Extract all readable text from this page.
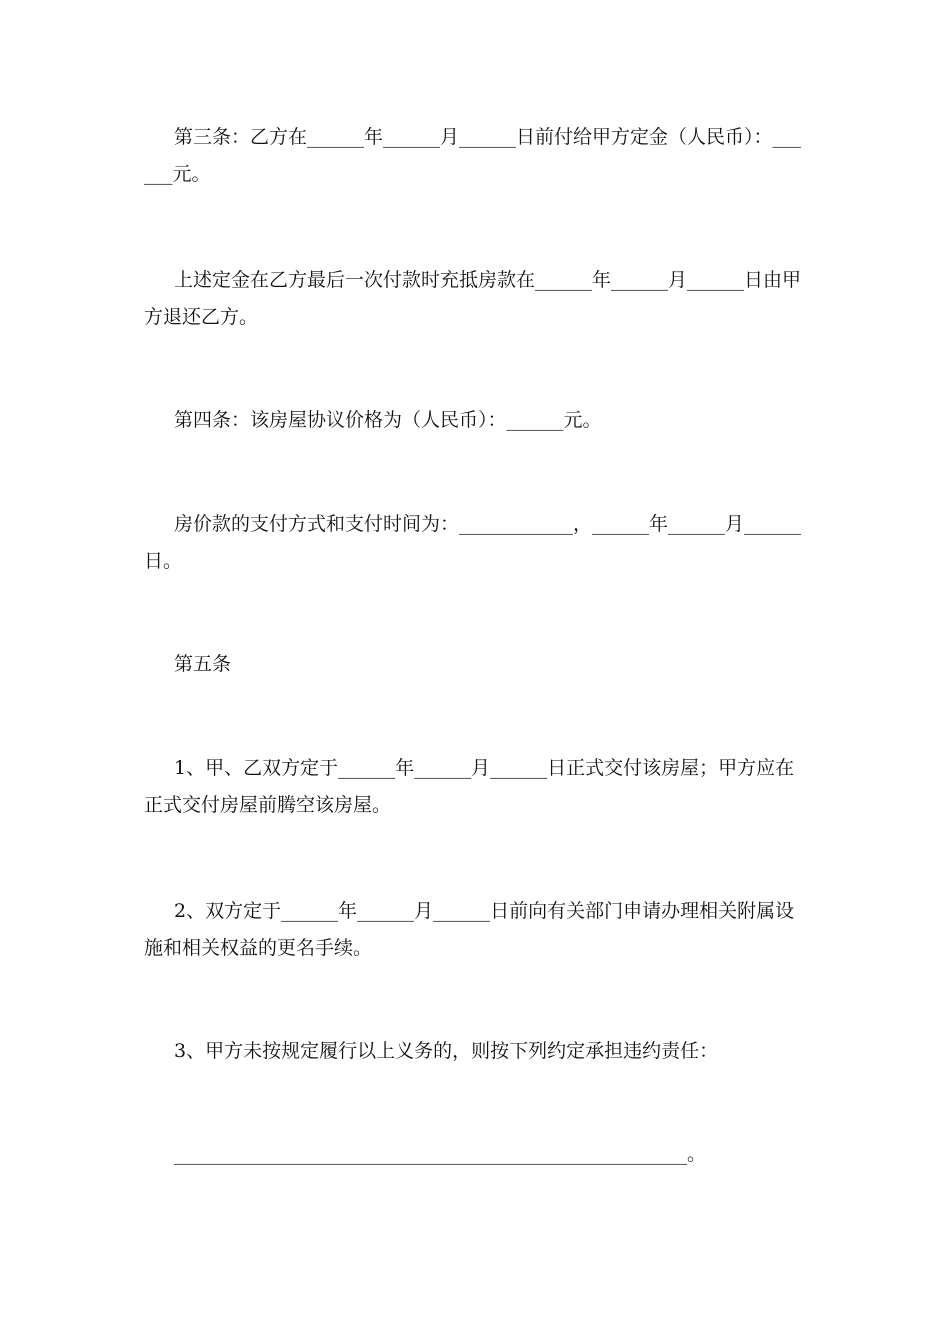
第三条：乙方在______年______月______日前付给甲方定金（人民币）：______元。

上述定金在乙方最后一次付款时充抵房款在______年______月______日由甲方退还乙方。

第四条：该房屋协议价格为（人民币）：______元。

房价款的支付方式和支付时间为：____________，______年______月______日。

第五条

1、甲、乙双方定于______年______月______日正式交付该房屋；甲方应在正式交付房屋前腾空该房屋。

2、双方定于______年______月______日前向有关部门申请办理相关附属设施和相关权益的更名手续。

3、甲方未按规定履行以上义务的，则按下列约定承担违约责任：

______________________________________________________。
